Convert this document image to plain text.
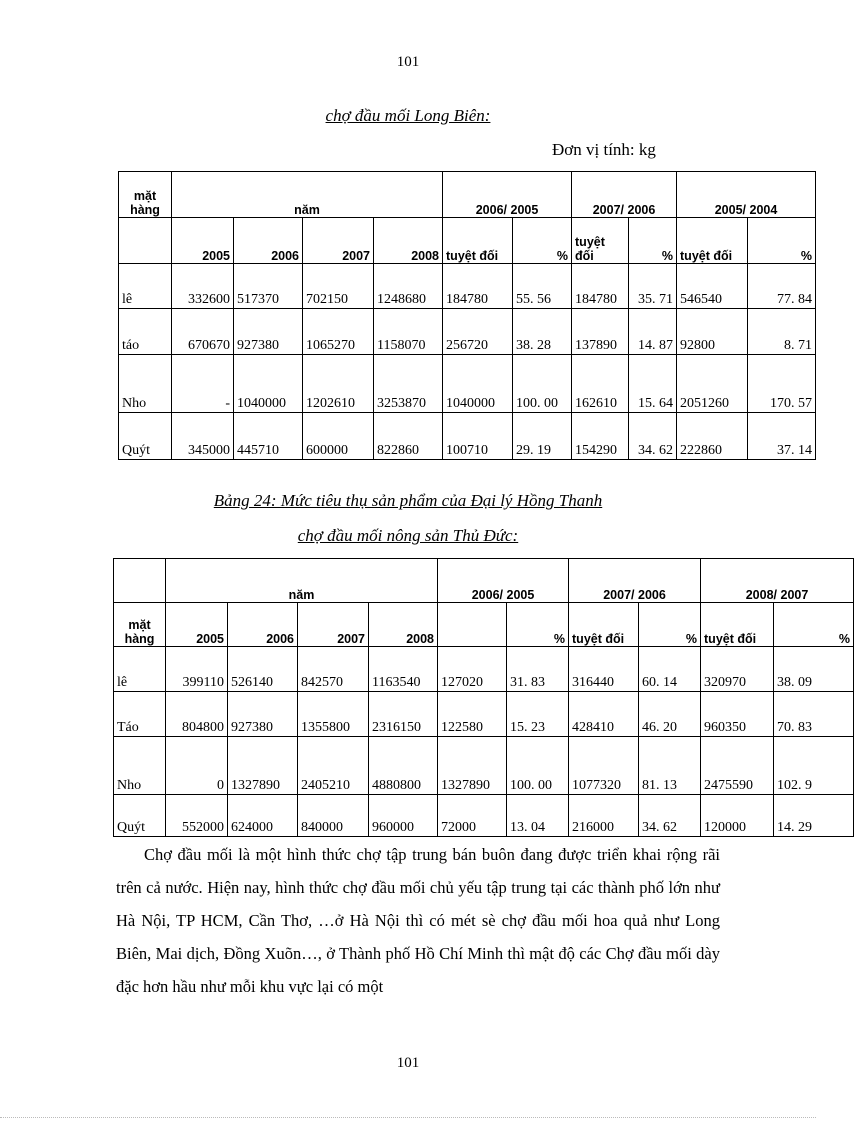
101
chợ đầu mối Long Biên:
Đơn vị tính: kg
mặt hàng	năm				2006/ 2005		2007/ 2006		2005/ 2004	
	2005	2006	2007	2008	tuyệt đối	%	tuyệt đối	%	tuyệt đối	%
lê	332600	517370	702150	1248680	184780	55. 56	184780	35. 71	546540	77. 84
táo	670670	927380	1065270	1158070	256720	38. 28	137890	14. 87	92800	8. 71
Nho	-	1040000	1202610	3253870	1040000	100. 00	162610	15. 64	2051260	170. 57
Quýt	345000	445710	600000	822860	100710	29. 19	154290	34. 62	222860	37. 14
Bảng 24: Mức tiêu thụ sản phẩm của Đại lý Hồng Thanh
chợ đầu mối nông sản Thủ Đức:
	năm				2006/ 2005		2007/ 2006		2008/ 2007	
mặt hàng	2005	2006	2007	2008		%	tuyệt đối	%	tuyệt đối	%
lê	399110	526140	842570	1163540	127020	31. 83	316440	60. 14	320970	38. 09
Táo	804800	927380	1355800	2316150	122580	15. 23	428410	46. 20	960350	70. 83
Nho	0	1327890	2405210	4880800	1327890	100. 00	1077320	81. 13	2475590	102. 9
Quýt	552000	624000	840000	960000	72000	13. 04	216000	34. 62	120000	14. 29

Chợ đầu mối là một hình thức chợ tập trung bán buôn đang được triển khai rộng rãi trên cả nước. Hiện nay, hình thức chợ đầu mối chủ yếu tập trung tại các thành phố lớn như Hà Nội, TP HCM, Cần Thơ, …ở Hà Nội thì có mét sè chợ đầu mối hoa quả như Long Biên, Mai dịch, Đồng Xuõn…, ở Thành phố Hồ Chí Minh thì mật độ các Chợ đầu mối dày đặc hơn hầu như mỗi khu vực lại có một

101
